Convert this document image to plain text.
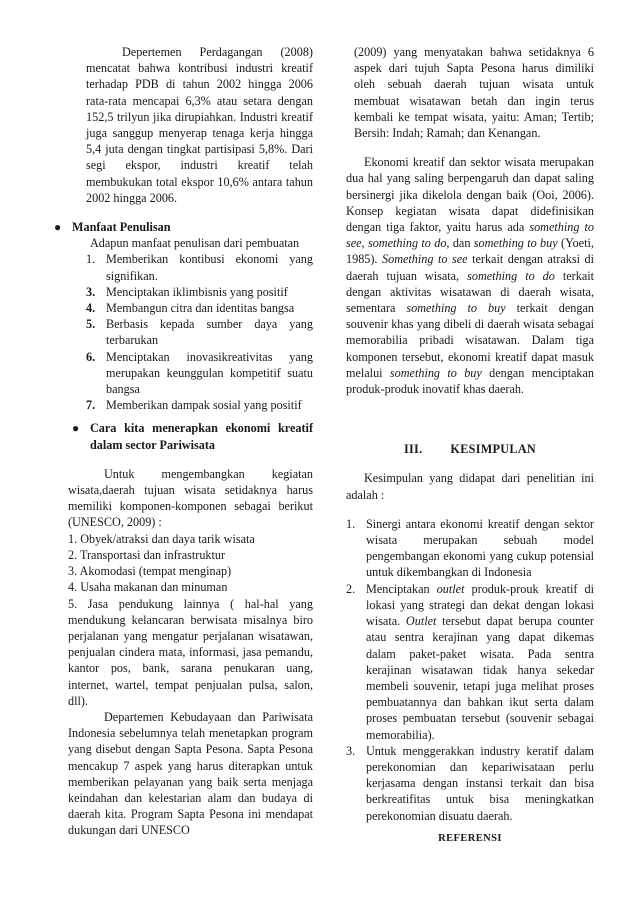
Depertemen Perdagangan (2008) mencatat bahwa kontribusi industri kreatif terhadap PDB di tahun 2002 hingga 2006 rata-rata mencapai 6,3% atau setara dengan 152,5 trilyun jika dirupiahkan. Industri kreatif juga sanggup menyerap tenaga kerja hingga 5,4 juta dengan tingkat partisipasi 5,8%. Dari segi ekspor, industri kreatif telah membukukan total ekspor 10,6% antara tahun 2002 hingga 2006.

● Manfaat Penulisan

Adapun manfaat penulisan dari pembuatan

1. Memberikan kontibusi ekonomi yang signifikan.
3. Menciptakan iklimbisnis yang positif
4. Membangun citra dan identitas bangsa
5. Berbasis kepada sumber daya yang terbarukan
6. Menciptakan inovasikreativitas yang merupakan keunggulan kompetitif suatu bangsa
7. Memberikan dampak sosial yang positif
● Cara kita menerapkan ekonomi kreatif dalam sector Pariwisata

Untuk mengembangkan kegiatan wisata,daerah tujuan wisata setidaknya harus memiliki komponen-komponen sebagai berikut (UNESCO, 2009) :

1. Obyek/atraksi dan daya tarik wisata

2. Transportasi dan infrastruktur

3. Akomodasi (tempat menginap)

4. Usaha makanan dan minuman

5. Jasa pendukung lainnya ( hal-hal yang mendukung kelancaran berwisata misalnya biro perjalanan yang mengatur perjalanan wisatawan, penjualan cindera mata, informasi, jasa pemandu, kantor pos, bank, sarana penukaran uang, internet, wartel, tempat penjualan pulsa, salon, dll).

Departemen Kebudayaan dan Pariwisata Indonesia sebelumnya telah menetapkan program yang disebut dengan Sapta Pesona. Sapta Pesona mencakup 7 aspek yang harus diterapkan untuk memberikan pelayanan yang baik serta menjaga keindahan dan kelestarian alam dan budaya di daerah kita. Program Sapta Pesona ini mendapat dukungan dari UNESCO

(2009) yang menyatakan bahwa setidaknya 6 aspek dari tujuh Sapta Pesona harus dimiliki oleh sebuah daerah tujuan wisata untuk membuat wisatawan betah dan ingin terus kembali ke tempat wisata, yaitu: Aman; Tertib; Bersih: Indah; Ramah; dan Kenangan.

Ekonomi kreatif dan sektor wisata merupakan dua hal yang saling berpengaruh dan dapat saling bersinergi jika dikelola dengan baik (Ooi, 2006). Konsep kegiatan wisata dapat didefinisikan dengan tiga faktor, yaitu harus ada something to see, something to do, dan something to buy (Yoeti, 1985). Something to see terkait dengan atraksi di daerah tujuan wisata, something to do terkait dengan aktivitas wisatawan di daerah wisata, sementara something to buy terkait dengan souvenir khas yang dibeli di daerah wisata sebagai memorabilia pribadi wisatawan. Dalam tiga komponen tersebut, ekonomi kreatif dapat masuk melalui something to buy dengan menciptakan produk-produk inovatif khas daerah.

III. KESIMPULAN

Kesimpulan yang didapat dari penelitian ini adalah :

1. Sinergi antara ekonomi kreatif dengan sektor wisata merupakan sebuah model pengembangan ekonomi yang cukup potensial untuk dikembangkan di Indonesia
2. Menciptakan outlet produk-prouk kreatif di lokasi yang strategi dan dekat dengan lokasi wisata. Outlet tersebut dapat berupa counter atau sentra kerajinan yang dapat dikemas dalam paket-paket wisata. Pada sentra kerajinan wisatawan tidak hanya sekedar membeli souvenir, tetapi juga melihat proses pembuatannya dan bahkan ikut serta dalam proses pembuatan tersebut (souvenir sebagai memorabilia).
3. Untuk menggerakkan industry keratif dalam perekonomian dan kepariwisataan perlu kerjasama dengan instansi terkait dan bisa berkreatifitas untuk bisa meningkatkan perekonomian disuatu daerah.

REFERENSI
